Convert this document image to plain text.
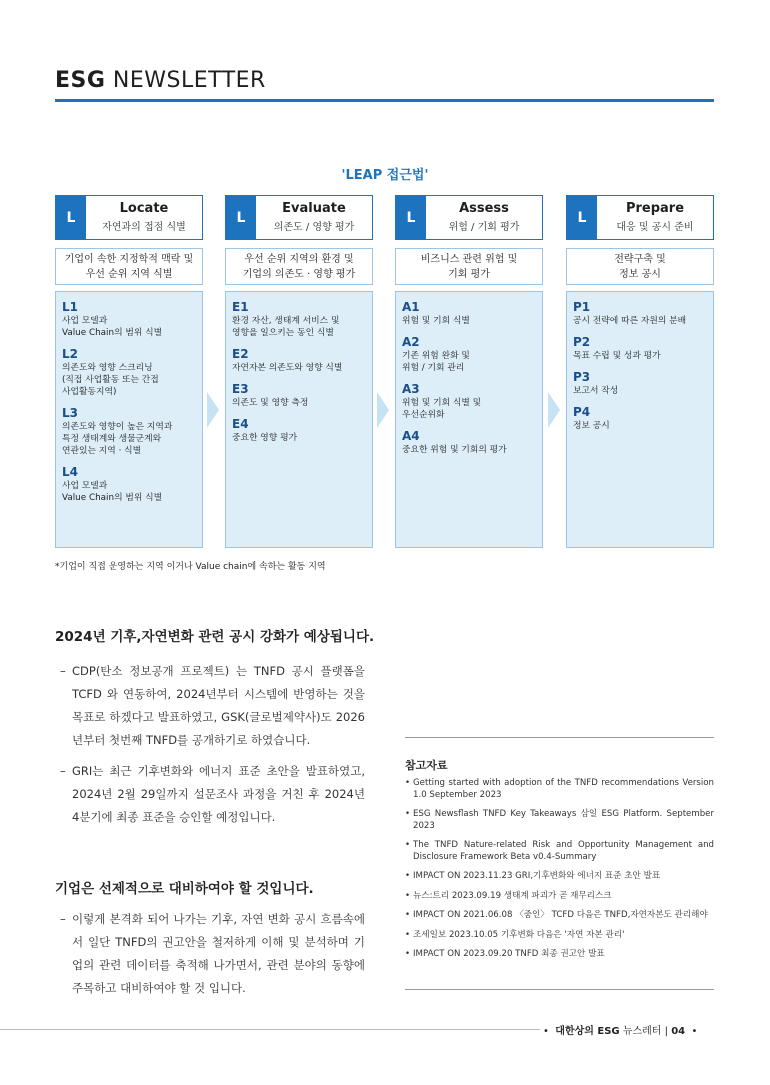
ESG NEWSLETTER
'LEAP 접근법'
L
Locate
자연과의 접점 식별
기업이 속한 지정학적 맥락 및
우선 순위 지역 식별
L1
사업 모델과
Value Chain의 범위 식별
L2
의존도와 영향 스크리닝
(직접 사업활동 또는 간접
사업활동지역)
L3
의존도와 영향이 높은 지역과
특정 생태계와 생물군계와
연관있는 지역 · 식별
L4
사업 모델과
Value Chain의 범위 식별
L
Evaluate
의존도 / 영향 평가
우선 순위 지역의 환경 및
기업의 의존도 · 영향 평가
E1
환경 자산, 생태계 서비스 및
영향을 일으키는 동인 식별
E2
자연자본 의존도와 영향 식별
E3
의존도 및 영향 측정
E4
중요한 영향 평가
L
Assess
위험 / 기회 평가
비즈니스 관련 위험 및
기회 평가
A1
위험 및 기회 식별
A2
기존 위험 완화 및
위험 / 기회 관리
A3
위험 및 기회 식별 및
우선순위화
A4
중요한 위험 및 기회의 평가
L
Prepare
대응 및 공시 준비
전략구축 및
정보 공시
P1
공시 전략에 따른 자원의 분배
P2
목표 수립 및 성과 평가
P3
보고서 작성
P4
정보 공시
*기업이 직접 운영하는 지역 이거나 Value chain에 속하는 활동 지역
2024년 기후,자연변화 관련 공시 강화가 예상됩니다.
– CDP(탄소 정보공개 프로젝트) 는 TNFD 공시 플랫폼을 TCFD 와 연동하여, 2024년부터 시스템에 반영하는 것을 목표로 하겠다고 발표하였고, GSK(글로벌제약사)도 2026년부터 첫번째 TNFD를 공개하기로 하였습니다.
– GRI는 최근 기후변화와 에너지 표준 초안을 발표하였고, 2024년 2월 29일까지 설문조사 과정을 거친 후 2024년 4분기에 최종 표준을 승인할 예정입니다.
기업은 선제적으로 대비하여야 할 것입니다.
– 이렇게 본격화 되어 나가는 기후, 자연 변화 공시 흐름속에서 일단 TNFD의 권고안을 철저하게 이해 및 분석하며 기업의 관련 데이터를 축적해 나가면서, 관련 분야의 동향에 주목하고 대비하여야 할 것 입니다.
참고자료
• Getting started with adoption of the TNFD recommendations Version 1.0 September 2023
• ESG Newsflash TNFD Key Takeaways 삼일 ESG Platform. September 2023
• The TNFD Nature-related Risk and Opportunity Management and Disclosure Framework Beta v0.4-Summary
• IMPACT ON 2023.11.23 GRI,기후변화와 에너지 표준 초안 발표
• 뉴스:트리 2023.09.19 생태계 파괴가 곧 재무리스크
• IMPACT ON 2021.06.08 〈줌인〉 TCFD 다음은 TNFD,자연자본도 관리해야
• 조세일보 2023.10.05 기후변화 다음은 '자연 자본 관리'
• IMPACT ON 2023.09.20 TNFD 최종 권고안 발표
• 대한상의 ESG 뉴스레터 | 04 •
